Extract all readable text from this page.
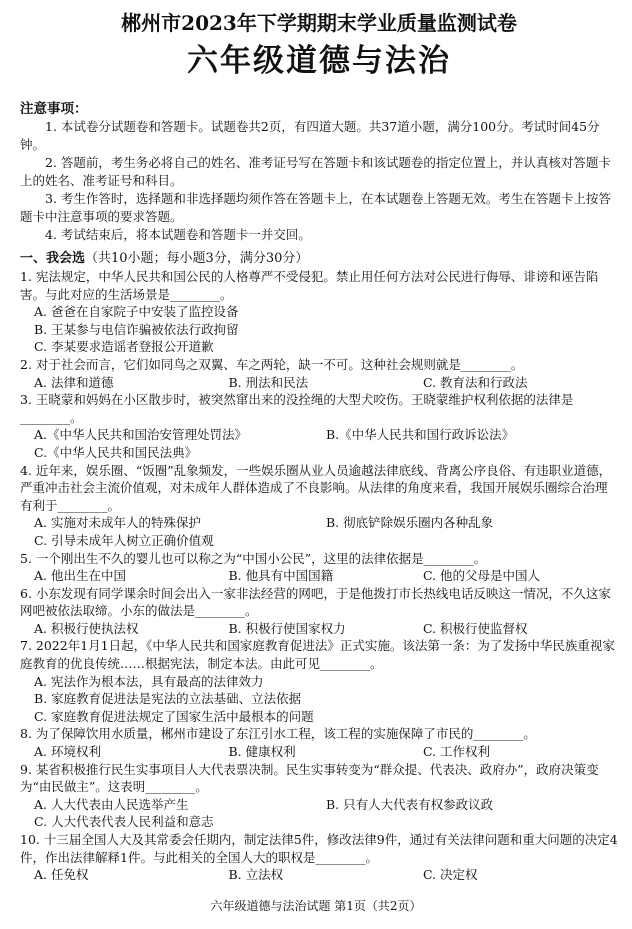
郴州市2023年下学期期末学业质量监测试卷
六年级道德与法治
注意事项：

1. 本试卷分试题卷和答题卡。试题卷共2页，有四道大题。共37道小题，满分100分。考试时间45分钟。

2. 答题前，考生务必将自己的姓名、准考证号写在答题卡和该试题卷的指定位置上，并认真核对答题卡上的姓名、准考证号和科目。

3. 考生作答时，选择题和非选择题均须作答在答题卡上，在本试题卷上答题无效。考生在答题卡上按答题卡中注意事项的要求答题。

4. 考试结束后，将本试题卷和答题卡一并交回。

一、我会选（共10小题；每小题3分，满分30分）

1. 宪法规定，中华人民共和国公民的人格尊严不受侵犯。禁止用任何方法对公民进行侮辱、诽谤和诬告陷害。与此对应的生活场景是________。

A. 爸爸在自家院子中安装了监控设备
B. 王某参与电信诈骗被依法行政拘留
C. 李某要求造谣者登报公开道歉

2. 对于社会而言，它们如同鸟之双翼、车之两轮，缺一不可。这种社会规则就是________。

A. 法律和道德	B. 刑法和民法	C. 教育法和行政法

3. 王晓蒙和妈妈在小区散步时，被突然窜出来的没拴绳的大型犬咬伤。王晓蒙维护权利依据的法律是________。

A.《中华人民共和国治安管理处罚法》	B.《中华人民共和国行政诉讼法》
C.《中华人民共和国民法典》

4. 近年来，娱乐圈、“饭圈”乱象频发，一些娱乐圈从业人员逾越法律底线、背离公序良俗、有违职业道德，严重冲击社会主流价值观，对未成年人群体造成了不良影响。从法律的角度来看，我国开展娱乐圈综合治理有利于________。

A. 实施对未成年人的特殊保护	B. 彻底铲除娱乐圈内各种乱象
C. 引导未成年人树立正确价值观

5. 一个刚出生不久的婴儿也可以称之为“中国小公民”，这里的法律依据是________。

A. 他出生在中国	B. 他具有中国国籍	C. 他的父母是中国人

6. 小东发现有同学课余时间会出入一家非法经营的网吧，于是他拨打市长热线电话反映这一情况，不久这家网吧被依法取缔。小东的做法是________。

A. 积极行使执法权	B. 积极行使国家权力	C. 积极行使监督权

7. 2022年1月1日起，《中华人民共和国家庭教育促进法》正式实施。该法第一条：为了发扬中华民族重视家庭教育的优良传统……根据宪法，制定本法。由此可见________。

A. 宪法作为根本法，具有最高的法律效力
B. 家庭教育促进法是宪法的立法基础、立法依据
C. 家庭教育促进法规定了国家生活中最根本的问题

8. 为了保障饮用水质量，郴州市建设了东江引水工程，该工程的实施保障了市民的________。

A. 环境权利	B. 健康权利	C. 工作权利

9. 某省积极推行民生实事项目人大代表票决制。民生实事转变为“群众提、代表决、政府办”，政府决策变为“由民做主”。这表明________。

A. 人大代表由人民选举产生	B. 只有人大代表有权参政议政
C. 人大代表代表人民利益和意志

10. 十三届全国人大及其常委会任期内，制定法律5件，修改法律9件，通过有关法律问题和重大问题的决定4件，作出法律解释1件。与此相关的全国人大的职权是________。

A. 任免权	B. 立法权	C. 决定权
六年级道德与法治试题 第1页（共2页）
